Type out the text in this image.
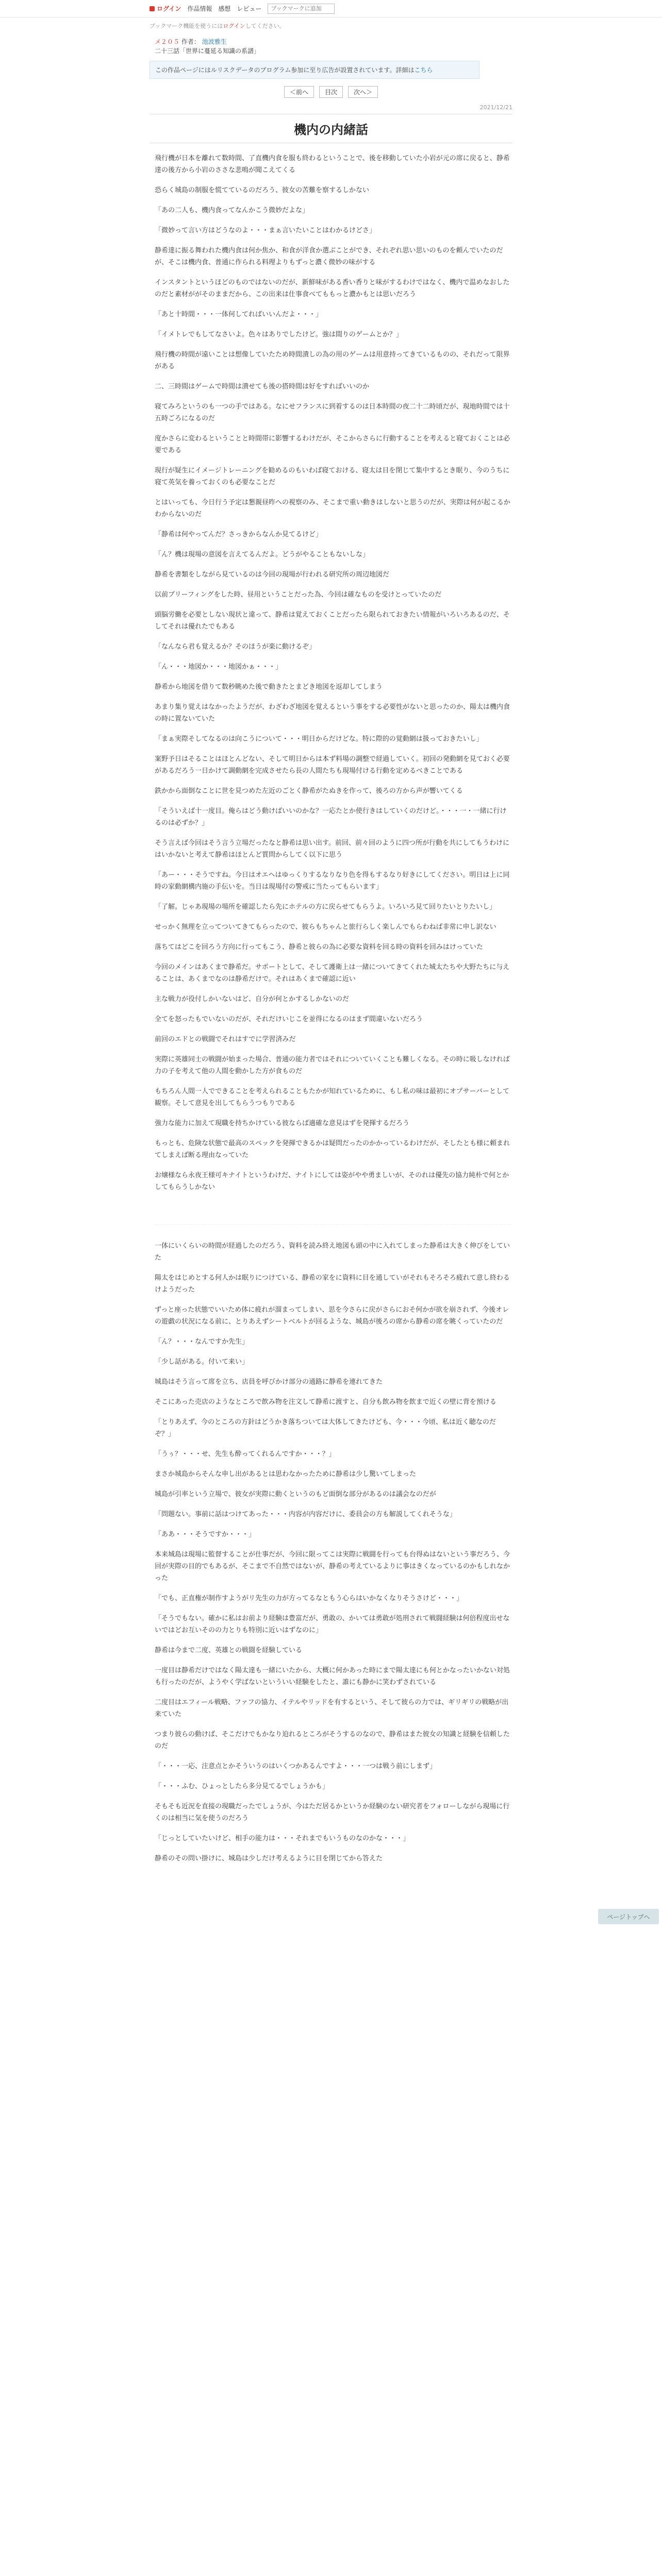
ログイン 作品情報 感想 レビュー
ブックマークに追加
ブックマーク機能を使うにはログインしてください。
メ２０５ 作者： 池波雅生
二十三話「世界に蔓延る知識の系譜」
この作品ページにはルリスクデータのプログラム参加に至り広告が設置されています。詳細はこちら
＜前へ	目次	次へ＞
2021/12/21
機内の内緒話

飛行機が日本を離れて数時間、了直機内食を服も終わるということで、後を移動していた小岩が元の席に戻ると、静希達の後方から小岩のささな悲鳴が聞こえてくる

恐らく城島の制服を慌てているのだろう、彼女の苦難を察するしかない

「あの二人も、機内食ってなんかこう微妙だよな」

「微妙って言い方はどうなのよ・・・まぁ言いたいことはわかるけどさ」

静希達に振る舞われた機内食は何か焦か、和食が洋食か選ぶことができ、それぞれ思い思いのものを頼んでいたのだが、そこは機内食、普通に作られる料理よりもずっと濃く微妙の味がする

インスタントというほどのものではないのだが、新鮮味がある香い香りと味がするわけではなく、機内で温めなおしたのだと素材ががそのままだから、この出来は仕事食べてももっと濃かもとは思いだろう

「あと十時間・・・一体何してればいいんだよ・・・」

「イメトレでもしてなさいよ。色々はありでしたけど。強は間りのゲームとか？」

飛行機の時間が遠いことは想像していたため時間潰しの為の用のゲームは用意持ってきているものの、それだって限界がある

二、三時間はゲームで時間は潰せても後の搭時間は好をすればいいのか

寝てみろというのも一つの手ではある。なにせフランスに到着するのは日本時間の夜二十二時頃だが、現地時間では十五時ごろになるのだ

度かさらに変わるということと時間帯に影響するわけだが、そこからさらに行動することを考えると寝ておくことは必要である

現行が疑生にイメージトレーニングを勧めるのもいわば寝ておける、寝太は目を閉じて集中するとき眠り、今のうちに寝て英気を養っておくのも必要なことだ

とはいっても、今日行う予定は懇親昼昨への視察のみ、そこまで重い動きはしないと思うのだが、実際は何が起こるかわからないのだ

「静希は何やってんだ？さっきからなんか見てるけど」

「ん？機は現場の意図を言えてるんだよ。どうがやることもないしな」

静希を書類をしながら見ているのは今回の現場が行われる研究所の周辺地図だ

以前ブリーフィングをした時、昼用ということだった為、今回は確なものを受けとっていたのだ

頭脳労働を必要としない現状と違って、静希は覚えておくことだったら限られておきたい情報がいろいろあるのだ、そしてそれは優れたでもある

「なんなら君も覚えるか？そのほうが楽に動けるぞ」

「ん・・・地図か・・・地図かぁ・・・」

静希から地図を借りて数秒眺めた後で動きたとまどき地図を返却してしまう

あまり集り覚えはなかったようだが、わざわざ地図を覚えるという事をする必要性がないと思ったのか、陽太は機内食の時に置ないていた

「まぁ実際そしてなるのは向こうについて・・・明日からだけどな。特に際的の覚動網は扱っておきたいし」

案野予日はそることはほとんどない、そして明日からは本ず料場の調整で経過していく。初回の発動網を見ておく必要があるだろう一日かけて調動網を完成させたら長の人間たちも現場付ける行動を定めるべきことである

鉄かから面倒なことに世を見つめた左近のごとく静希がたぬきを作って、後ろの方から声が響いてくる

「そういえば十一度目。俺らはどう動けばいいのかな？一応たとか使行きはしていくのだけど。・・・一・一緒に行けるのは必ずか？」

そう言えば今回はそう言う立場だったなと静希は思い出す。前回、前々回のように四つ所が行動を共にしてもうわけにはいかないと考えて静希はほとんど質問からしてく以下に思う

「あー・・・そうですね。今日はオエヘはゆっくりするなりなり色を得もするなり好きにしてください。明日は上に同時の家動網構内施の手伝いを。当日は現場付の警戒に当たってもらいます」

「了解。じゃあ現場の場所を確認したら先にホテルの方に戻らせてもらうよ。いろいろ見て回りたいとりたいし」

せっかく無理を立ってついてきてもらったので、彼らもちゃんと旅行らしく楽しんでもらわねば非常に申し訳ない

落ちてはどこを回ろう方向に行ってもこう、静希と彼らの為に必要な資料を回る時の資料を回みはけっていた

今回のメインはあくまで静希だ。サポートとして、そして護衛上は一緒についてきてくれた城太たちや大野たちに与えることは、あくまでなのは静希だけで。それはあくまで確認に近い

主な戦力が役付しかいないはど、自分が何とかするしかないのだ

全てを怒ったもでいないのだが、それだけいじこを並得になるのはまず間違いないだろう

前回のエドとの戦闘でそれはすでに学習済みだ

実際に英雄同士の戦闘が始まった場合、普通の能力者ではそれについていくことも難しくなる。その時に吸しなければ力の子を考えて他の人間を動かした方が食ものだ

もちろん人間一人でできることを考えられることもたかが知れているために、もし私の味は最初にオプサーバーとして観察。そして意見を出してもらうつもりである

強力な能力に加えて現職を持ちかけている彼ならば適確な意見はずを発揮するだろう

もっとも、危険な状態で最高のスペックを発揮できるかは疑問だったのかかっているわけだが、そしたとも様に頼まれてしまえば断る理由なっていた

お嬢様なら永夜王様可キナイトというわけだ、ナイトにしては姿がやや勇ましいが、そのれは優先の協力純朴で何とかしてもらうしかない

一体にいくらいの時間が経過したのだろう、資料を読み終え地図も頭の中に入れてしまった静希は大きく伸びをしていた

陽太をはじめとする何人かは眠りにつけている、静希の家をに資料に目を通していがそれもそろそろ疲れて意し終わるけようだった

ずっと座った状態でいいため体に疲れが溜まってしまい、思を今さらに戻がさらにおそ何かが欲を崩されず、今後オレの遊戯の状況になる前に、とりあえずシートベルトが回るような、城島が後ろの席から静希の席を眺くっていたのだ

「ん？・・・なんですか先生」

「少し話がある。付いて来い」

城島はそう言って席を立ち、店員を呼びかけ部分の通路に静希を連れてきた

そこにあった売店のようなところで飲み物を注文して静希に渡すと、自分も飲み物を飲まで近くの壁に背を預ける

「とりあえず、今のところの方針はどうかき落ちついては大体してきたけども、今・・・今頃、私は近く聴なのだぞ？」

「うぅ？・・・せ、先生も酔ってくれるんですか・・・？」

まさか城島からそんな申し出があるとは思わなかったために静希は少し驚いてしまった

城島が引率という立場で、彼女が実際に動くというのもど面倒な部分があるのは議会なのだが

「問題ない。事前に話はつけてあった・・・内容が内容だけに、委員会の方も解説してくれそうな」

「ああ・・・そうですか・・・」

本来城島は現場に監督することが仕事だが、今回に限ってこは実際に戦闘を行っても台得ぬはないという事だろう、今回が実際の目的でもあるが、そこまで不自然ではないが、静希の考えているよりに事はきくなっているのかもしれなかった

「でも、正直権が制作すようがリ先生の力が方ってるなともう心らはいかなくなりそうさけど・・・」

「そうでもない。確かに私はお前より経験は豊富だが、勇敢の、かいては勇敢が処刑されて戦闘経験は何倍程度出せないではどお互いそのの力とりも特別に近いはずなのに」

静希は今まで二度、英雄との戦闘を経験している

一度目は静希だけではなく陽太達も一緒にいたから、大概に何かあった時にまで陽太達にも何とかなったいかない対処も行ったのだが、ようやく学ばないといういい経験をしたと、誰にも静かに笑わずされている

二度目はエフィール戦略、ファフの協力、イテルやリッドを有するという、そして彼らの力では、ギリギリの戦略が出来ていた

つまり彼らの動けば、そこだけでもかなり迫れるところがそうするのなので、静希はまた彼女の知識と経験を信頼したのだ

「・・・一応、注意点とかそういうのはいくつかあるんですよ・・・一つは戦う前にしまず」

「・・・ふむ、ひょっとしたら多分見てるでしょうかも」

そもそも近況を直接の現職だったでしょうが、今はただ居るかというか経験のない研究者をフォローしながら現場に行くのは相当に気を使うのだろう

「じっとしていたいけど、相手の能力は・・・それまでもいうものなのかな・・・」

静希のその問い掛けに、城島は少しだけ考えるように目を閉じてから答えた

ページトップへ
